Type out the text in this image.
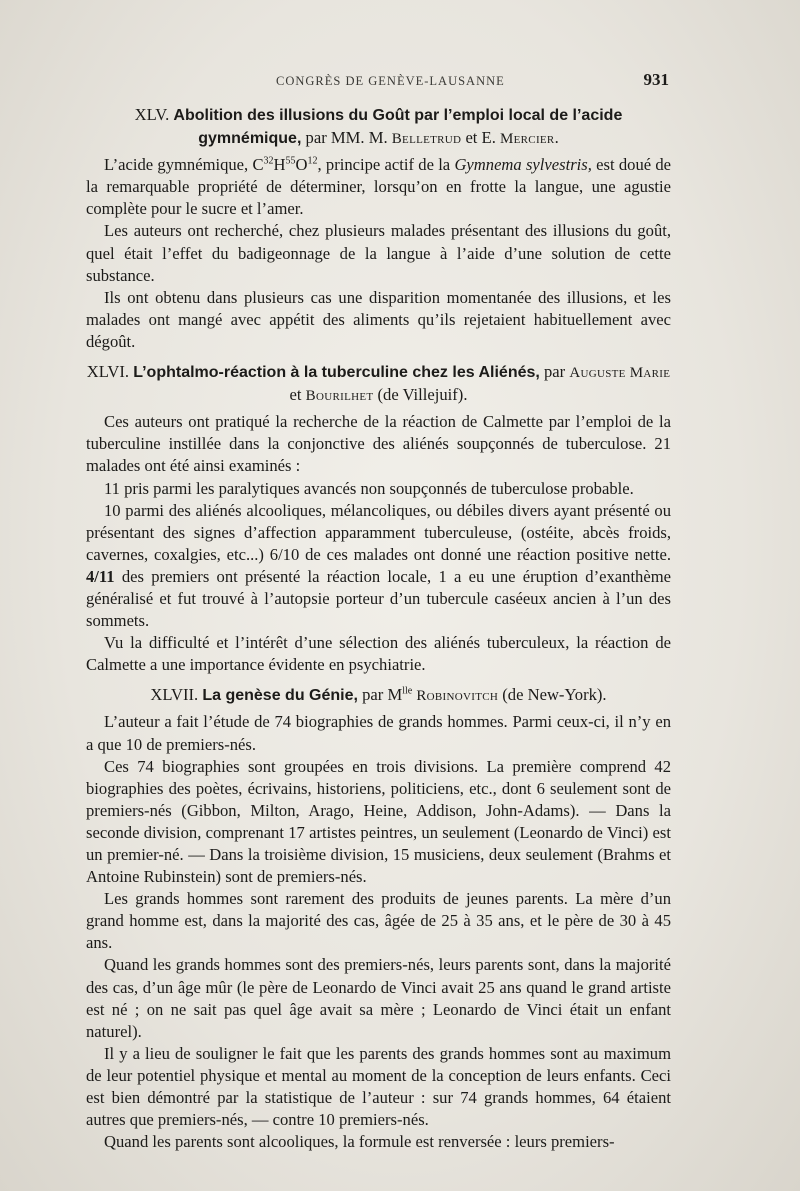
CONGRÈS DE GENÈVE-LAUSANNE	931

XLV. Abolition des illusions du Goût par l’emploi local de l’acide gymnémique, par MM. M. Belletrud et E. Mercier.

L’acide gymnémique, $C^{32}H^{55}O^{12}$, principe actif de la Gymnema sylvestris, est doué de la remarquable propriété de déterminer, lorsqu’on en frotte la langue, une agustie complète pour le sucre et l’amer.

Les auteurs ont recherché, chez plusieurs malades présentant des illusions du goût, quel était l’effet du badigeonnage de la langue à l’aide d’une solution de cette substance.

Ils ont obtenu dans plusieurs cas une disparition momentanée des illusions, et les malades ont mangé avec appétit des aliments qu’ils rejetaient habituellement avec dégoût.

XLVI. L’ophtalmo-réaction à la tuberculine chez les Aliénés, par Auguste Marie et Bourilhet (de Villejuif).

Ces auteurs ont pratiqué la recherche de la réaction de Calmette par l’emploi de la tuberculine instillée dans la conjonctive des aliénés soupçonnés de tuberculose. 21 malades ont été ainsi examinés :

11 pris parmi les paralytiques avancés non soupçonnés de tuberculose probable.

10 parmi des aliénés alcooliques, mélancoliques, ou débiles divers ayant présenté ou présentant des signes d’affection apparamment tuberculeuse, (ostéite, abcès froids, cavernes, coxalgies, etc...) 6/10 de ces malades ont donné une réaction positive nette. 4/11 des premiers ont présenté la réaction locale, 1 a eu une éruption d’exanthème généralisé et fut trouvé à l’autopsie porteur d’un tubercule caséeux ancien à l’un des sommets.

Vu la difficulté et l’intérêt d’une sélection des aliénés tuberculeux, la réaction de Calmette a une importance évidente en psychiatrie.

XLVII. La genèse du Génie, par $M^{lle}$ Robinovitch (de New-York).

L’auteur a fait l’étude de 74 biographies de grands hommes. Parmi ceux-ci, il n’y en a que 10 de premiers-nés.

Ces 74 biographies sont groupées en trois divisions. La première comprend 42 biographies des poètes, écrivains, historiens, politiciens, etc., dont 6 seulement sont de premiers-nés (Gibbon, Milton, Arago, Heine, Addison, John-Adams). — Dans la seconde division, comprenant 17 artistes peintres, un seulement (Leonardo de Vinci) est un premier-né. — Dans la troisième division, 15 musiciens, deux seulement (Brahms et Antoine Rubinstein) sont de premiers-nés.

Les grands hommes sont rarement des produits de jeunes parents. La mère d’un grand homme est, dans la majorité des cas, âgée de 25 à 35 ans, et le père de 30 à 45 ans.

Quand les grands hommes sont des premiers-nés, leurs parents sont, dans la majorité des cas, d’un âge mûr (le père de Leonardo de Vinci avait 25 ans quand le grand artiste est né ; on ne sait pas quel âge avait sa mère ; Leonardo de Vinci était un enfant naturel).

Il y a lieu de souligner le fait que les parents des grands hommes sont au maximum de leur potentiel physique et mental au moment de la conception de leurs enfants. Ceci est bien démontré par la statistique de l’auteur : sur 74 grands hommes, 64 étaient autres que premiers-nés, — contre 10 premiers-nés.

Quand les parents sont alcooliques, la formule est renversée : leurs premiers-
